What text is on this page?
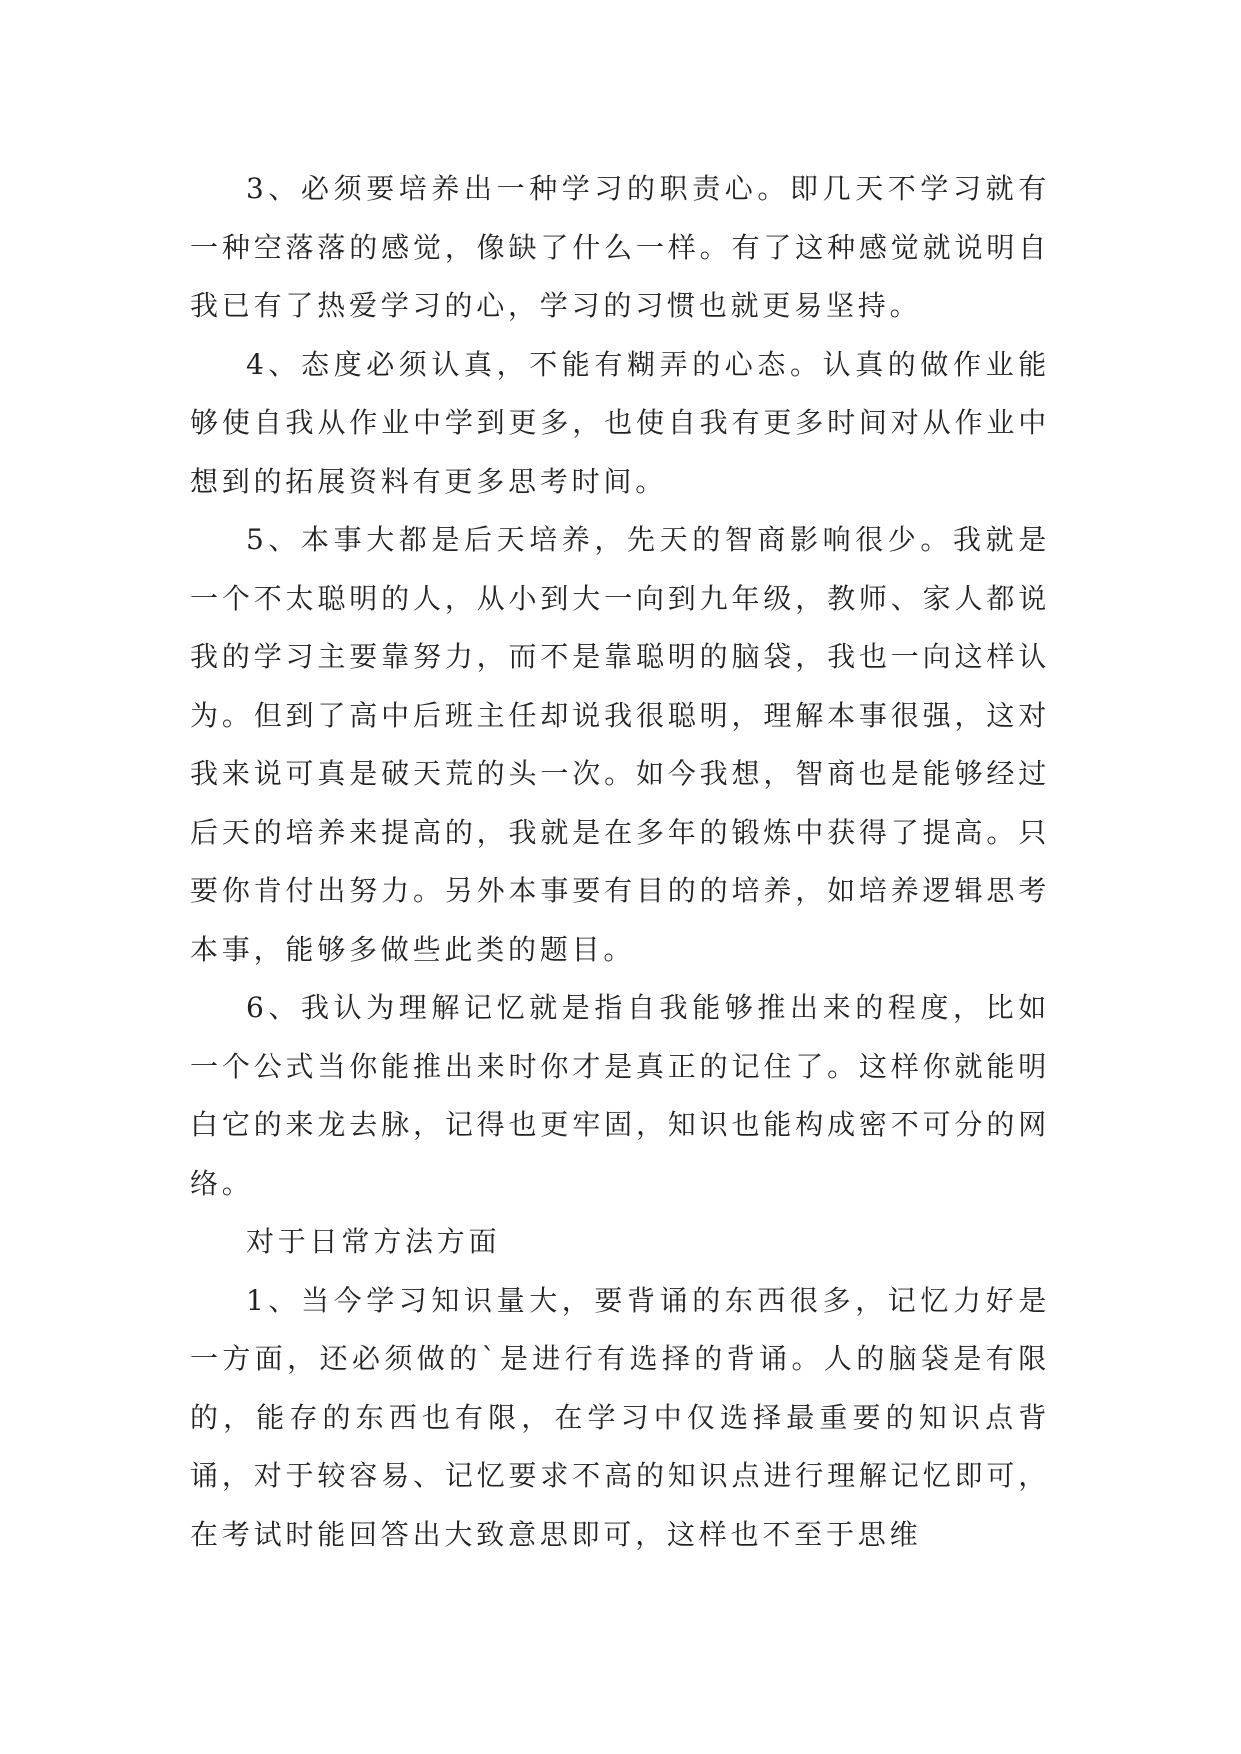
3、必须要培养出一种学习的职责心。即几天不学习就有一种空落落的感觉，像缺了什么一样。有了这种感觉就说明自我已有了热爱学习的心，学习的习惯也就更易坚持。

4、态度必须认真，不能有糊弄的心态。认真的做作业能够使自我从作业中学到更多，也使自我有更多时间对从作业中想到的拓展资料有更多思考时间。

5、本事大都是后天培养，先天的智商影响很少。我就是一个不太聪明的人，从小到大一向到九年级，教师、家人都说我的学习主要靠努力，而不是靠聪明的脑袋，我也一向这样认为。但到了高中后班主任却说我很聪明，理解本事很强，这对我来说可真是破天荒的头一次。如今我想，智商也是能够经过后天的培养来提高的，我就是在多年的锻炼中获得了提高。只要你肯付出努力。另外本事要有目的的培养，如培养逻辑思考本事，能够多做些此类的题目。

6、我认为理解记忆就是指自我能够推出来的程度，比如一个公式当你能推出来时你才是真正的记住了。这样你就能明白它的来龙去脉，记得也更牢固，知识也能构成密不可分的网络。

对于日常方法方面

1、当今学习知识量大，要背诵的东西很多，记忆力好是一方面，还必须做的`是进行有选择的背诵。人的脑袋是有限的，能存的东西也有限，在学习中仅选择最重要的知识点背诵，对于较容易、记忆要求不高的知识点进行理解记忆即可，在考试时能回答出大致意思即可，这样也不至于思维
